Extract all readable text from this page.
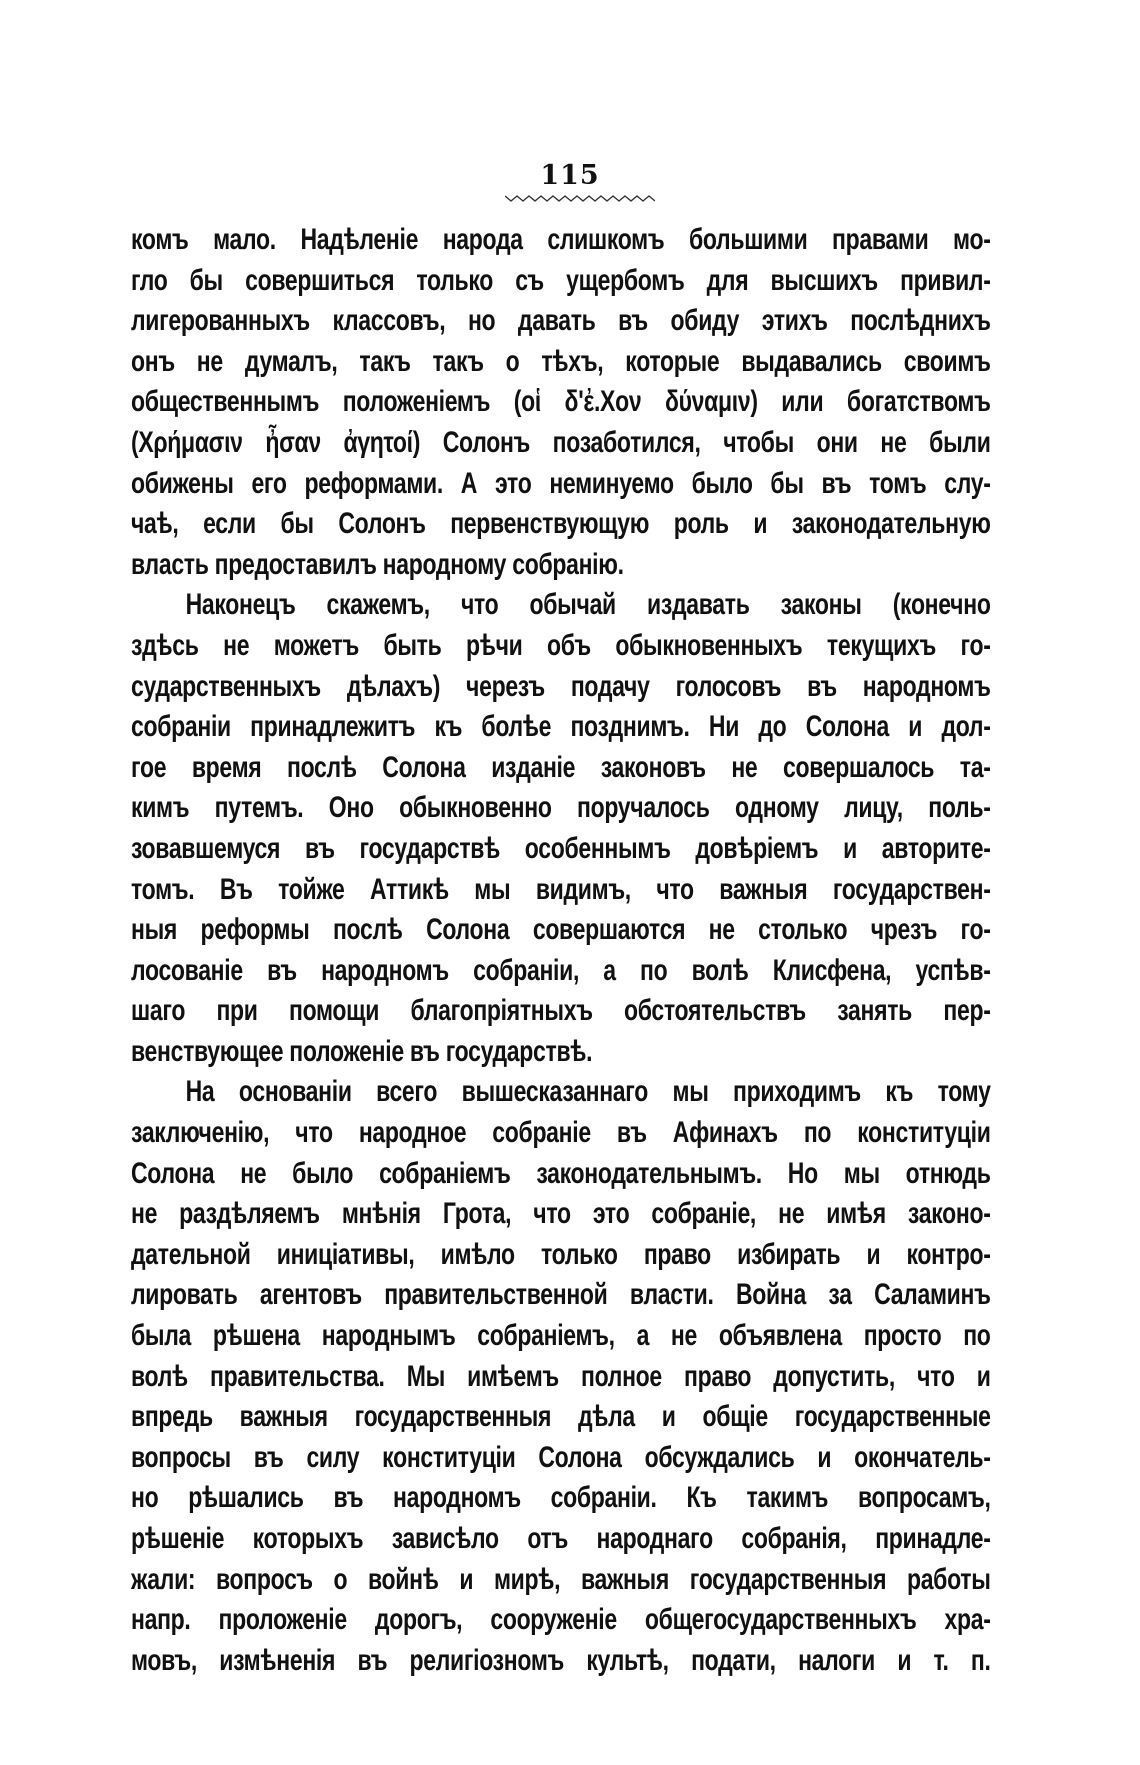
115
комъ мало. Надѣленіе народа слишкомъ большими правами мо-
гло бы совершиться только съ ущербомъ для высшихъ привил-
лигерованныхъ классовъ, но давать въ обиду этихъ послѣднихъ
онъ не думалъ, такъ такъ о тѣхъ, которые выдавались своимъ
общественнымъ положеніемъ (οἱ δ'ἐ.Χον δύναμιν) или богатствомъ
(Χρήμασιν ἦσαν ἀγητοί) Солонъ позаботился, чтобы они не были
обижены его реформами. А это неминуемо было бы въ томъ слу-
чаѣ, если бы Солонъ первенствующую роль и законодательную
власть предоставилъ народному собранію.
Наконецъ скажемъ, что обычай издавать законы (конечно
здѣсь не можетъ быть рѣчи объ обыкновенныхъ текущихъ го-
сударственныхъ дѣлахъ) черезъ подачу голосовъ въ народномъ
собраніи принадлежитъ къ болѣе позднимъ. Ни до Солона и дол-
гое время послѣ Солона изданіе законовъ не совершалось та-
кимъ путемъ. Оно обыкновенно поручалось одному лицу, поль-
зовавшемуся въ государствѣ особеннымъ довѣріемъ и авторите-
томъ. Въ тойже Аттикѣ мы видимъ, что важныя государствен-
ныя реформы послѣ Солона совершаются не столько чрезъ го-
лосованіе въ народномъ собраніи, а по волѣ Клисфена, успѣв-
шаго при помощи благопріятныхъ обстоятельствъ занять пер-
венствующее положеніе въ государствѣ.
На основаніи всего вышесказаннаго мы приходимъ къ тому
заключенію, что народное собраніе въ Афинахъ по конституціи
Солона не было собраніемъ законодательнымъ. Но мы отнюдь
не раздѣляемъ мнѣнія Грота, что это собраніе, не имѣя законо-
дательной иниціативы, имѣло только право избирать и контро-
лировать агентовъ правительственной власти. Война за Саламинъ
была рѣшена народнымъ собраніемъ, а не объявлена просто по
волѣ правительства. Мы имѣемъ полное право допустить, что и
впредь важныя государственныя дѣла и общіе государственные
вопросы въ силу конституціи Солона обсуждались и окончатель-
но рѣшались въ народномъ собраніи. Къ такимъ вопросамъ,
рѣшеніе которыхъ зависѣло отъ народнаго собранія, принадле-
жали: вопросъ о войнѣ и мирѣ, важныя государственныя работы
напр. проложеніе дорогъ, сооруженіе общегосударственныхъ хра-
мовъ, измѣненія въ религіозномъ культѣ, подати, налоги и т. п.
